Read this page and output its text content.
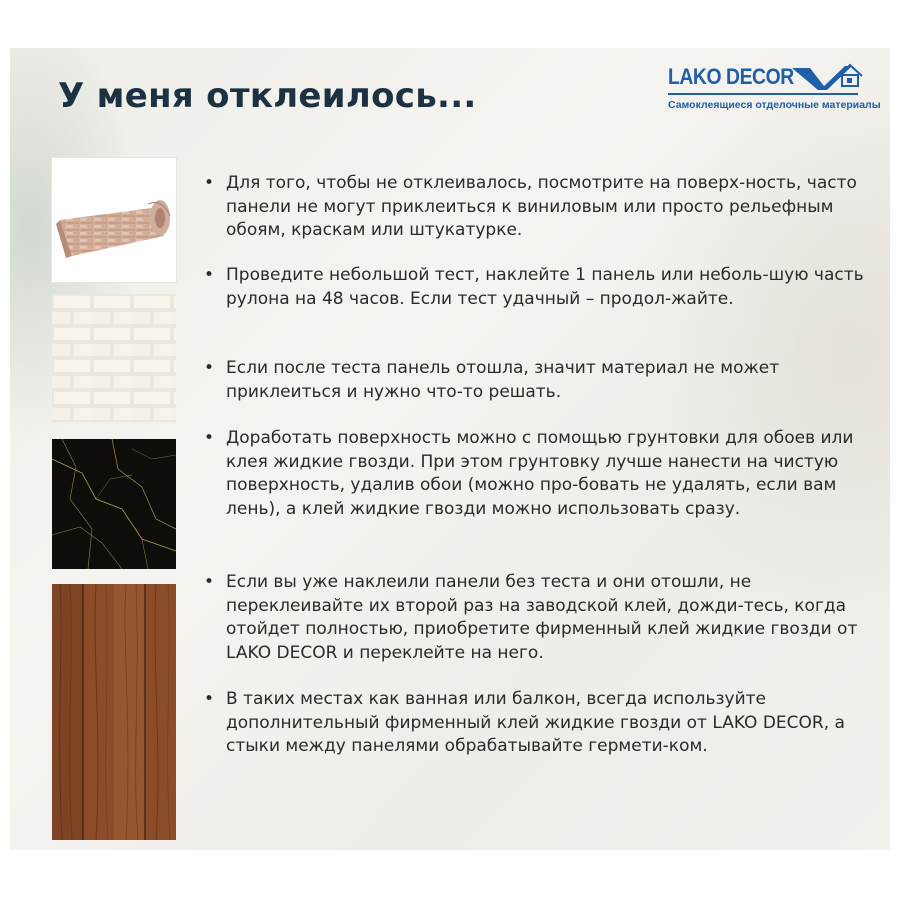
У меня отклеилось...	LAKO DECOR
Самоклеящиеся отделочные материалы
• Для того, чтобы не отклеивалось, посмотрите на поверх-ность, часто панели не могут приклеиться к виниловым или просто рельефным обоям, краскам или штукатурке.
• Проведите небольшой тест, наклейте 1 панель или неболь-шую часть рулона на 48 часов. Если тест удачный – продол-жайте.
• Если после теста панель отошла, значит материал не может приклеиться и нужно что-то решать.
• Доработать поверхность можно с помощью грунтовки для обоев или клея жидкие гвозди. При этом грунтовку лучше нанести на чистую поверхность, удалив обои (можно про-бовать не удалять, если вам лень), а клей жидкие гвозди можно использовать сразу.
• Если вы уже наклеили панели без теста и они отошли, не переклеивайте их второй раз на заводской клей, дожди-тесь, когда отойдет полностью, приобретите фирменный клей жидкие гвозди от LAKO DECOR и переклейте на него.
• В таких местах как ванная или балкон, всегда используйте дополнительный фирменный клей жидкие гвозди от LAKO DECOR, а стыки между панелями обрабатывайте гермети-ком.
